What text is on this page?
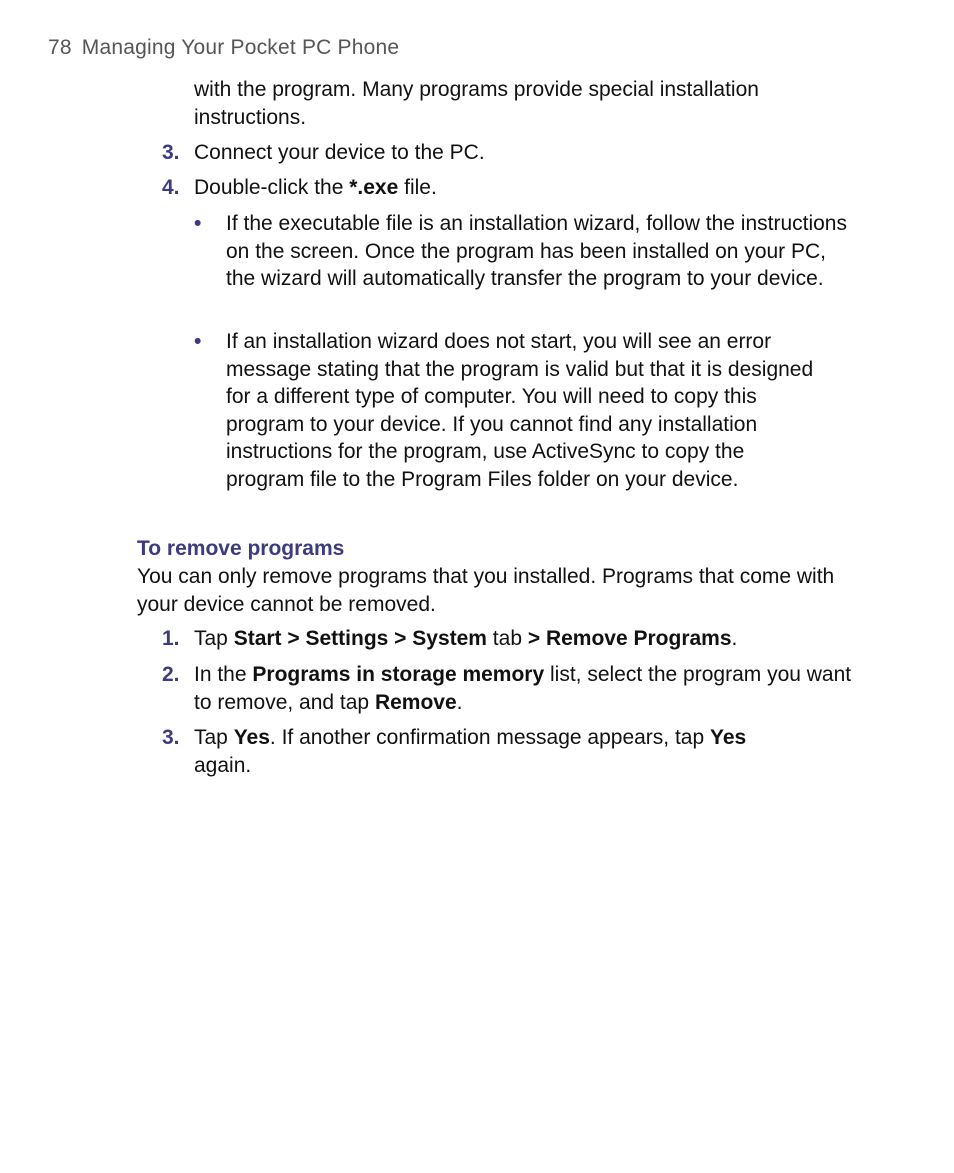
78 Managing Your Pocket PC Phone

with the program. Many programs provide special installation instructions.

3. Connect your device to the PC.

4. Double-click the *.exe file.

• If the executable file is an installation wizard, follow the instructions on the screen. Once the program has been installed on your PC, the wizard will automatically transfer the program to your device.

• If an installation wizard does not start, you will see an error message stating that the program is valid but that it is designed for a different type of computer. You will need to copy this program to your device. If you cannot find any installation instructions for the program, use ActiveSync to copy the program file to the Program Files folder on your device.

To remove programs

You can only remove programs that you installed. Programs that come with your device cannot be removed.

1. Tap Start > Settings > System tab > Remove Programs.

2. In the Programs in storage memory list, select the program you want to remove, and tap Remove.

3. Tap Yes. If another confirmation message appears, tap Yes again.
